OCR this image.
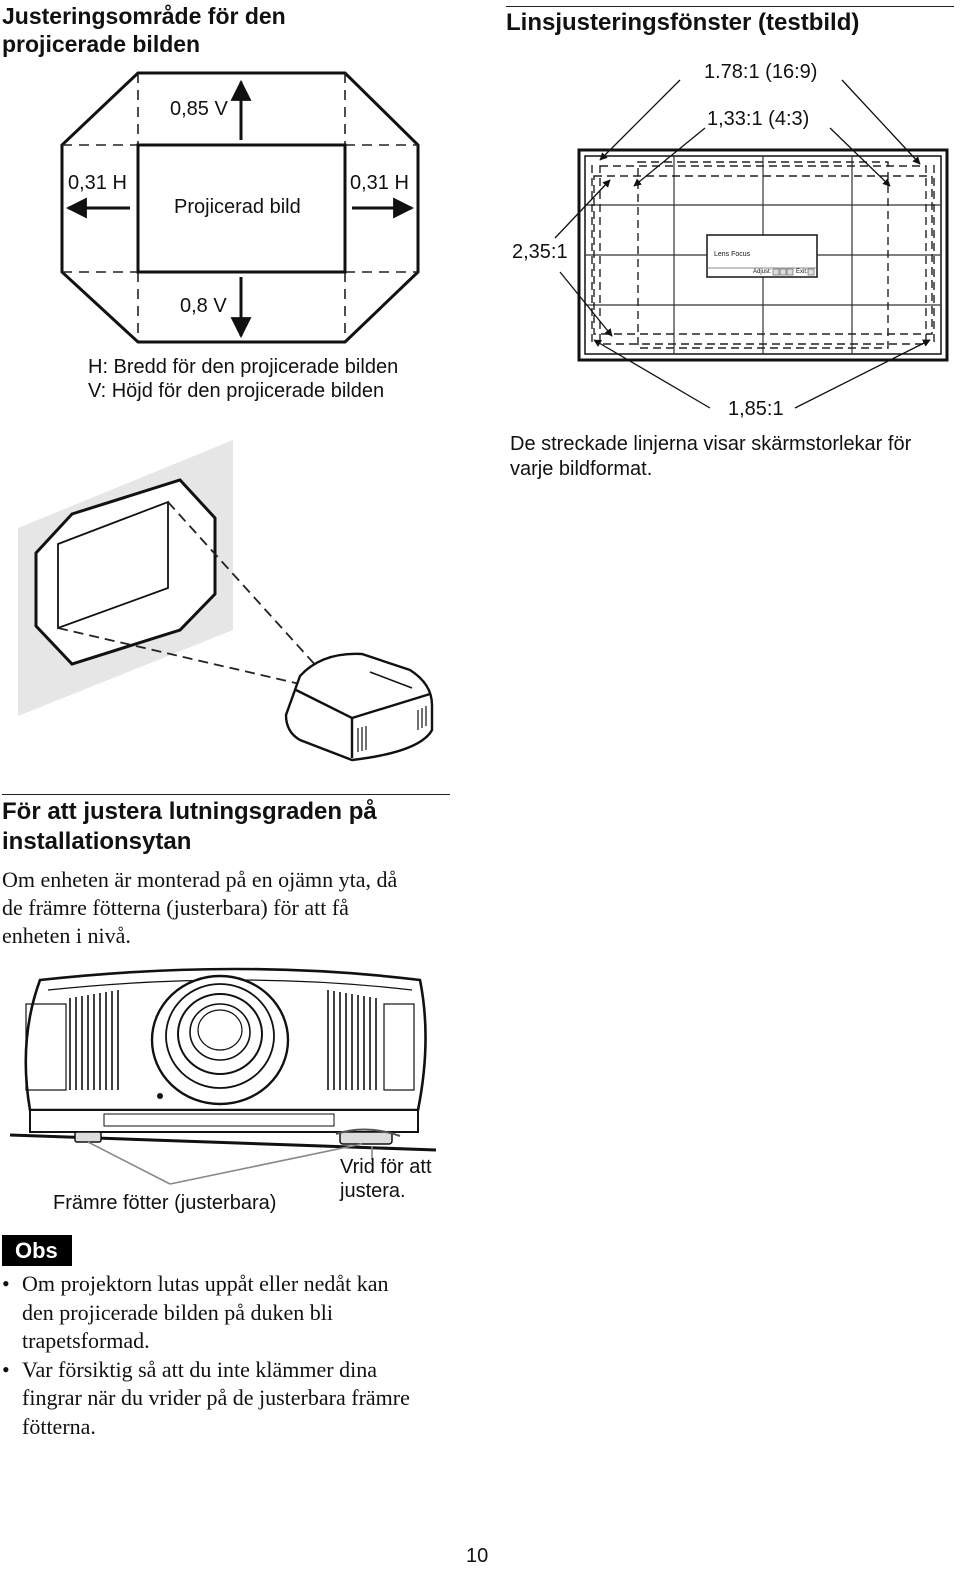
Justeringsområde för den
projicerade bilden
0,85 V
0,31 H	0,31 H
Projicerad bild
0,8 V
H: Bredd för den projicerade bilden
V: Höjd för den projicerade bilden
Linsjusteringsfönster (testbild)
Lens Focus
Adjust:	Exit:
1.78:1 (16:9)
1,33:1 (4:3)
2,35:1
1,85:1
De streckade linjerna visar skärmstorlekar för
varje bildformat.
För att justera lutningsgraden på
installationsytan
Om enheten är monterad på en ojämn yta, då
de främre fötterna (justerbara) för att få
enheten i nivå.
Främre fötter (justerbara)
Vrid för att
justera.
Obs
• Om projektorn lutas uppåt eller nedåt kan
den projicerade bilden på duken bli
trapetsformad.
• Var försiktig så att du inte klämmer dina
fingrar när du vrider på de justerbara främre
fötterna.
10
